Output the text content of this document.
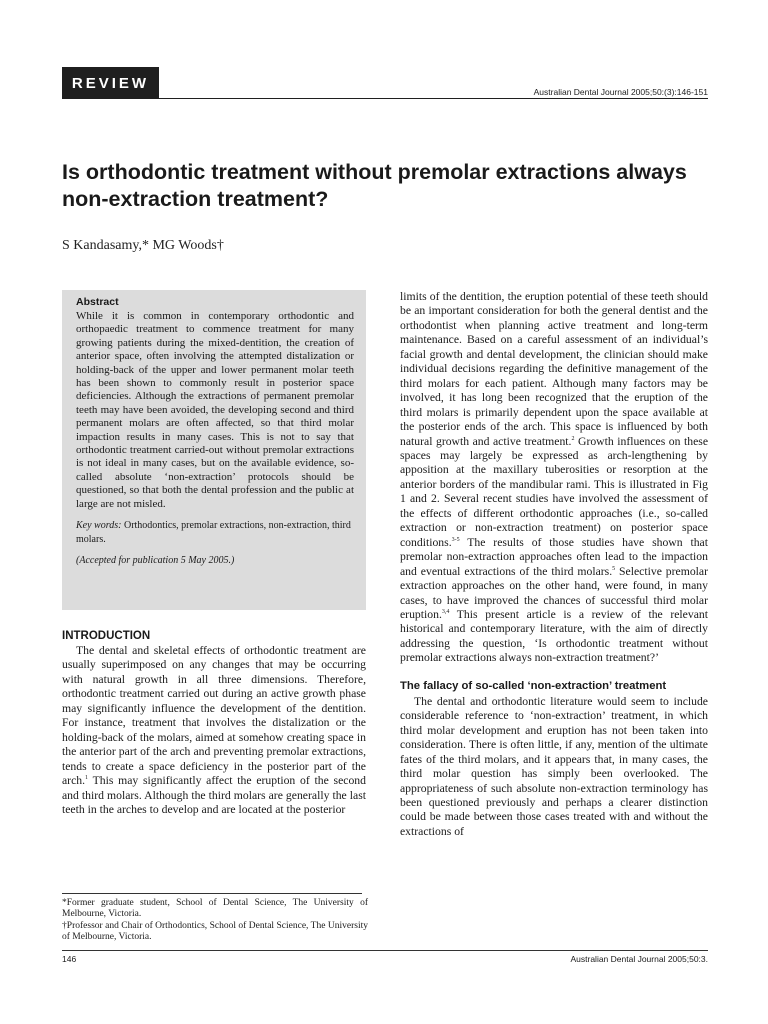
REVIEW
Australian Dental Journal 2005;50:(3):146-151
Is orthodontic treatment without premolar extractions always non-extraction treatment?
S Kandasamy,* MG Woods†
Abstract
While it is common in contemporary orthodontic and orthopaedic treatment to commence treatment for many growing patients during the mixed-dentition, the creation of anterior space, often involving the attempted distalization or holding-back of the upper and lower permanent molar teeth has been shown to commonly result in posterior space deficiencies. Although the extractions of permanent premolar teeth may have been avoided, the developing second and third permanent molars are often affected, so that third molar impaction results in many cases. This is not to say that orthodontic treatment carried-out without premolar extractions is not ideal in many cases, but on the available evidence, so-called absolute ‘non-extraction’ protocols should be questioned, so that both the dental profession and the public at large are not misled.
Key words: Orthodontics, premolar extractions, non-extraction, third molars.
(Accepted for publication 5 May 2005.)
INTRODUCTION

The dental and skeletal effects of orthodontic treatment are usually superimposed on any changes that may be occurring with natural growth in all three dimensions. Therefore, orthodontic treatment carried out during an active growth phase may significantly influence the development of the dentition. For instance, treatment that involves the distalization or the holding-back of the molars, aimed at somehow creating space in the anterior part of the arch and preventing premolar extractions, tends to create a space deficiency in the posterior part of the arch.$^1$ This may significantly affect the eruption of the second and third molars. Although the third molars are generally the last teeth in the arches to develop and are located at the posterior

limits of the dentition, the eruption potential of these teeth should be an important consideration for both the general dentist and the orthodontist when planning active treatment and long-term maintenance. Based on a careful assessment of an individual’s facial growth and dental development, the clinician should make individual decisions regarding the definitive management of the third molars for each patient. Although many factors may be involved, it has long been recognized that the eruption of the third molars is primarily dependent upon the space available at the posterior ends of the arch. This space is influenced by both natural growth and active treatment.$^2$ Growth influences on these spaces may largely be expressed as arch-lengthening by apposition at the maxillary tuberosities or resorption at the anterior borders of the mandibular rami. This is illustrated in Fig 1 and 2. Several recent studies have involved the assessment of the effects of different orthodontic approaches (i.e., so-called extraction or non-extraction treatment) on posterior space conditions.$^{3-5}$ The results of those studies have shown that premolar non-extraction approaches often lead to the impaction and eventual extractions of the third molars.$^5$ Selective premolar extraction approaches on the other hand, were found, in many cases, to have improved the chances of successful third molar eruption.$^{3,4}$ This present article is a review of the relevant historical and contemporary literature, with the aim of directly addressing the question, ‘Is orthodontic treatment without premolar extractions always non-extraction treatment?’

The fallacy of so-called ‘non-extraction’ treatment

The dental and orthodontic literature would seem to include considerable reference to ‘non-extraction’ treatment, in which third molar development and eruption has not been taken into consideration. There is often little, if any, mention of the ultimate fates of the third molars, and it appears that, in many cases, the third molar question has simply been overlooked. The appropriateness of such absolute non-extraction terminology has been questioned previously and perhaps a clearer distinction could be made between those cases treated with and without the extractions of

*Former graduate student, School of Dental Science, The University of Melbourne, Victoria.
†Professor and Chair of Orthodontics, School of Dental Science, The University of Melbourne, Victoria.
146	Australian Dental Journal 2005;50:3.
